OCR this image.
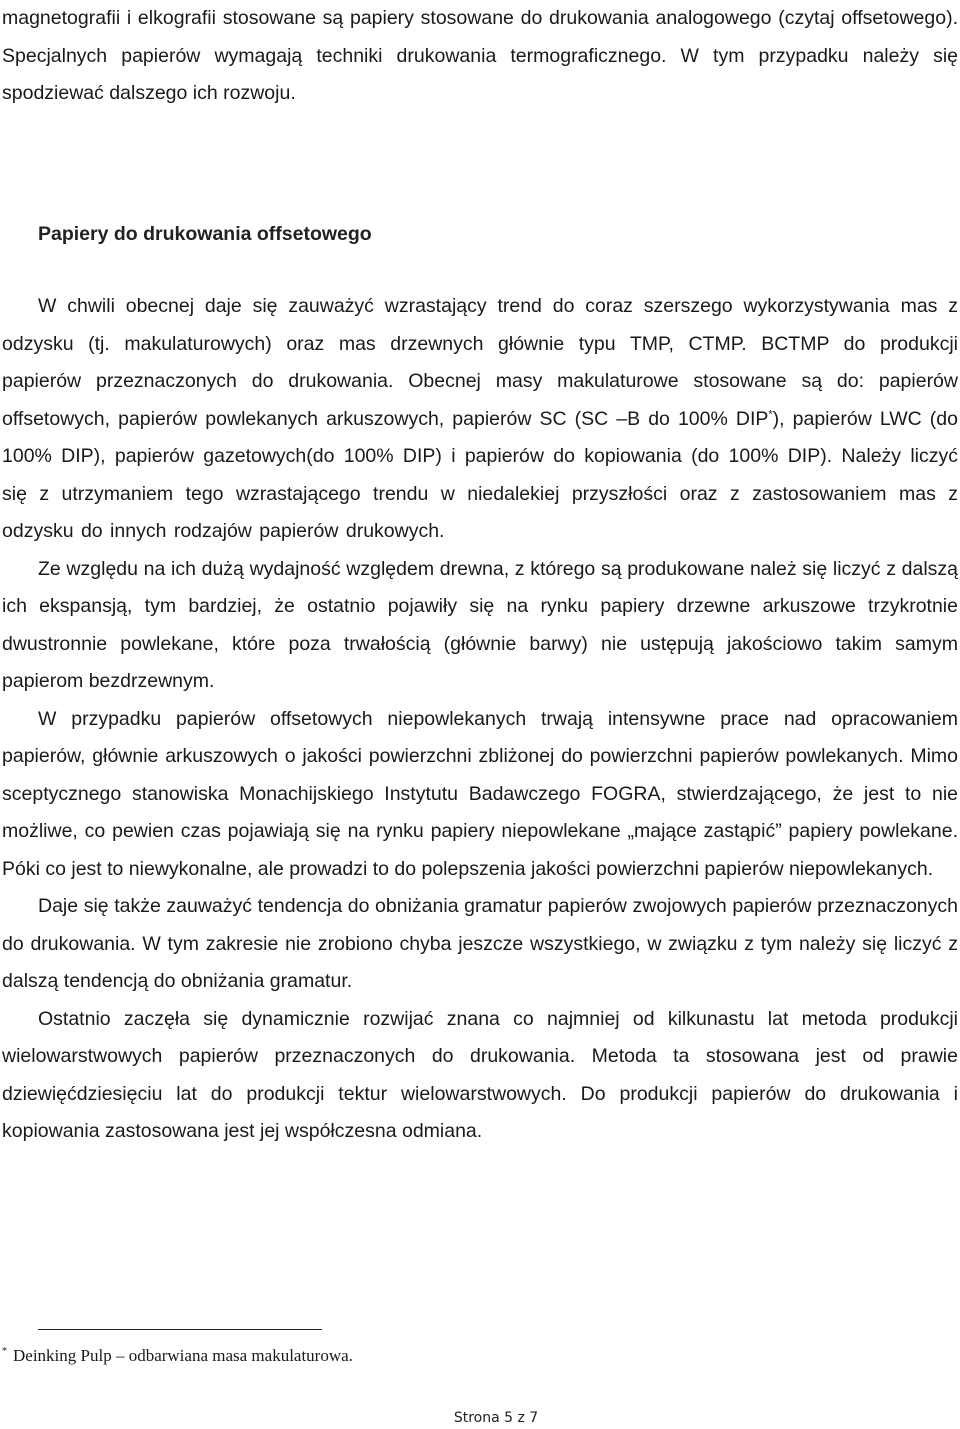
magnetografii i elkografii stosowane są papiery stosowane do drukowania analogowego (czytaj offsetowego). Specjalnych papierów wymagają techniki drukowania termograficznego. W tym przypadku należy się spodziewać dalszego ich rozwoju.

Papiery do drukowania offsetowego

W chwili obecnej daje się zauważyć wzrastający trend do coraz szerszego wykorzystywania mas z odzysku (tj. makulaturowych) oraz mas drzewnych głównie typu TMP, CTMP. BCTMP do produkcji papierów przeznaczonych do drukowania. Obecnej masy makulaturowe stosowane są do: papierów offsetowych, papierów powlekanych arkuszowych, papierów SC (SC –B do 100% DIP*), papierów LWC (do 100% DIP), papierów gazetowych(do 100% DIP) i papierów do kopiowania (do 100% DIP). Należy liczyć się z utrzymaniem tego wzrastającego trendu w niedalekiej przyszłości oraz z zastosowaniem mas z odzysku do innych rodzajów papierów drukowych.

Ze względu na ich dużą wydajność względem drewna, z którego są produkowane należ się liczyć z dalszą ich ekspansją, tym bardziej, że ostatnio pojawiły się na rynku papiery drzewne arkuszowe trzykrotnie dwustronnie powlekane, które poza trwałością (głównie barwy) nie ustępują jakościowo takim samym papierom bezdrzewnym.

W przypadku papierów offsetowych niepowlekanych trwają intensywne prace nad opracowaniem papierów, głównie arkuszowych o jakości powierzchni zbliżonej do powierzchni papierów powlekanych. Mimo sceptycznego stanowiska Monachijskiego Instytutu Badawczego FOGRA, stwierdzającego, że jest to nie możliwe, co pewien czas pojawiają się na rynku papiery niepowlekane „mające zastąpić” papiery powlekane. Póki co jest to niewykonalne, ale prowadzi to do polepszenia jakości powierzchni papierów niepowlekanych.

Daje się także zauważyć tendencja do obniżania gramatur papierów zwojowych papierów przeznaczonych do drukowania. W tym zakresie nie zrobiono chyba jeszcze wszystkiego, w związku z tym należy się liczyć z dalszą tendencją do obniżania gramatur.

Ostatnio zaczęła się dynamicznie rozwijać znana co najmniej od kilkunastu lat metoda produkcji wielowarstwowych papierów przeznaczonych do drukowania. Metoda ta stosowana jest od prawie dziewięćdziesięciu lat do produkcji tektur wielowarstwowych. Do produkcji papierów do drukowania i kopiowania zastosowana jest jej współczesna odmiana.

* Deinking Pulp – odbarwiana masa makulaturowa.

Strona 5 z 7
